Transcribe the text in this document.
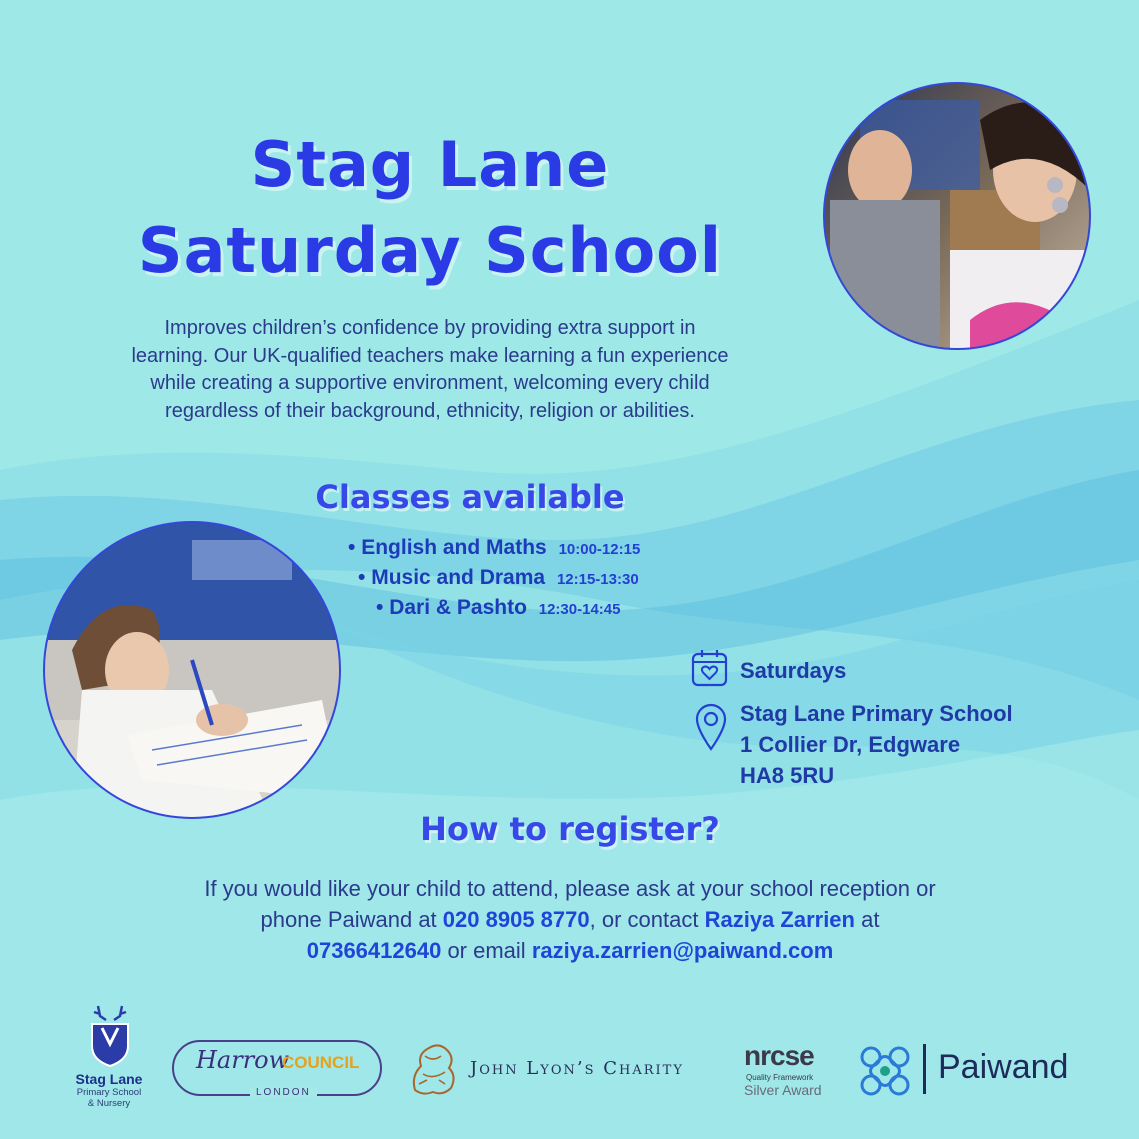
Stag Lane
Saturday School
Improves children’s confidence by providing extra support in
learning. Our UK-qualified teachers make learning a fun experience
while creating a supportive environment, welcoming every child
regardless of their background, ethnicity, religion or abilities.
Classes available
• English and Maths 10:00-12:15
• Music and Drama 12:15-13:30
• Dari & Pashto 12:30-14:45
Saturdays
Stag Lane Primary School
1 Collier Dr, Edgware
HA8 5RU
How to register?
If you would like your child to attend, please ask at your school reception or
phone Paiwand at 020 8905 8770, or contact Raziya Zarrien at
07366412640 or email raziya.zarrien@paiwand.com
Stag Lane
Primary School
& Nursery
Harrow
COUNCIL
LONDON
John Lyon’s Charity nrcse
Quality Framework
Silver Award
Paiwand
